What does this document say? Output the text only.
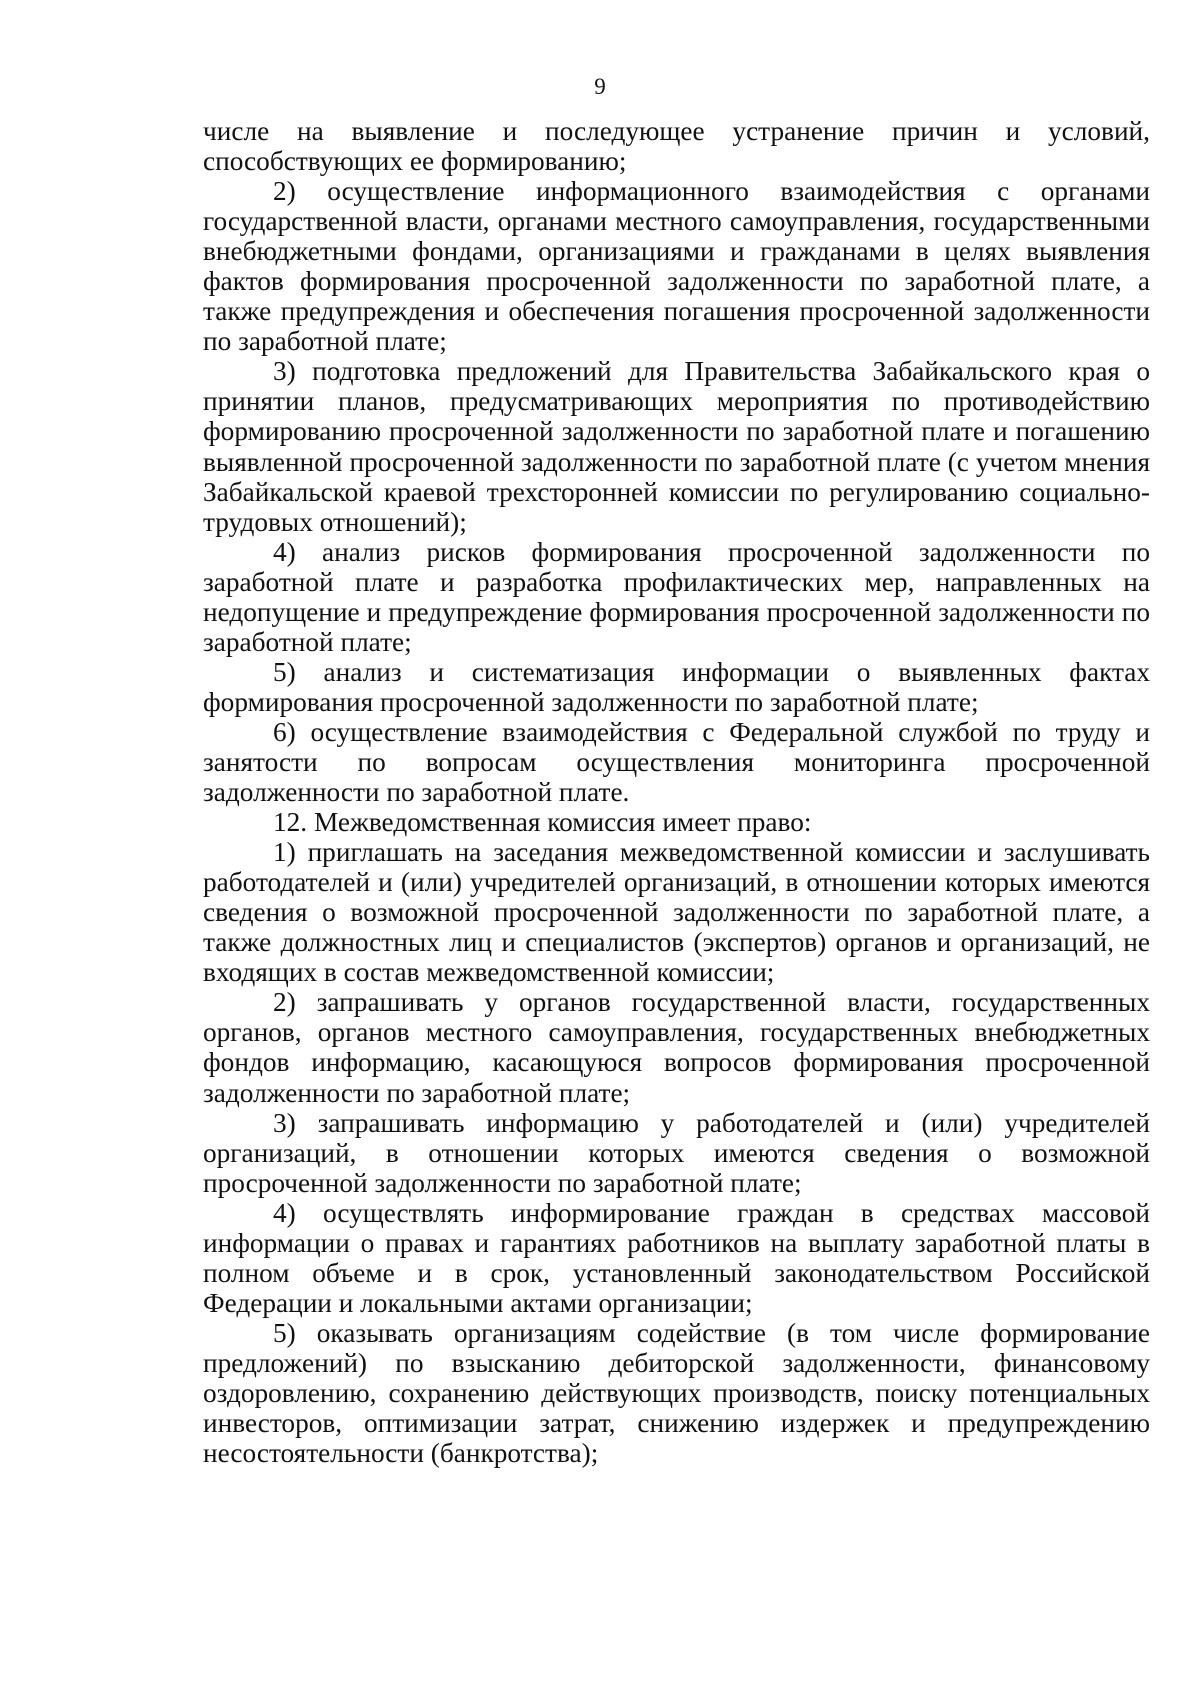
9

числе на выявление и последующее устранение причин и условий, способствующих ее формированию;

2) осуществление информационного взаимодействия с органами государственной власти, органами местного самоуправления, государственными внебюджетными фондами, организациями и гражданами в целях выявления фактов формирования просроченной задолженности по заработной плате, а также предупреждения и обеспечения погашения просроченной задолженности по заработной плате;

3) подготовка предложений для Правительства Забайкальского края о принятии планов, предусматривающих мероприятия по противодействию формированию просроченной задолженности по заработной плате и погашению выявленной просроченной задолженности по заработной плате (с учетом мнения Забайкальской краевой трехсторонней комиссии по регулированию социально-трудовых отношений);

4) анализ рисков формирования просроченной задолженности по заработной плате и разработка профилактических мер, направленных на недопущение и предупреждение формирования просроченной задолженности по заработной плате;

5) анализ и систематизация информации о выявленных фактах формирования просроченной задолженности по заработной плате;

6) осуществление взаимодействия с Федеральной службой по труду и занятости по вопросам осуществления мониторинга просроченной задолженности по заработной плате.

12. Межведомственная комиссия имеет право:

1) приглашать на заседания межведомственной комиссии и заслушивать работодателей и (или) учредителей организаций, в отношении которых имеются сведения о возможной просроченной задолженности по заработной плате, а также должностных лиц и специалистов (экспертов) органов и организаций, не входящих в состав межведомственной комиссии;

2) запрашивать у органов государственной власти, государственных органов, органов местного самоуправления, государственных внебюджетных фондов информацию, касающуюся вопросов формирования просроченной задолженности по заработной плате;

3) запрашивать информацию у работодателей и (или) учредителей организаций, в отношении которых имеются сведения о возможной просроченной задолженности по заработной плате;

4) осуществлять информирование граждан в средствах массовой информации о правах и гарантиях работников на выплату заработной платы в полном объеме и в срок, установленный законодательством Российской Федерации и локальными актами организации;

5) оказывать организациям содействие (в том числе формирование предложений) по взысканию дебиторской задолженности, финансовому оздоровлению, сохранению действующих производств, поиску потенциальных инвесторов, оптимизации затрат, снижению издержек и предупреждению несостоятельности (банкротства);
